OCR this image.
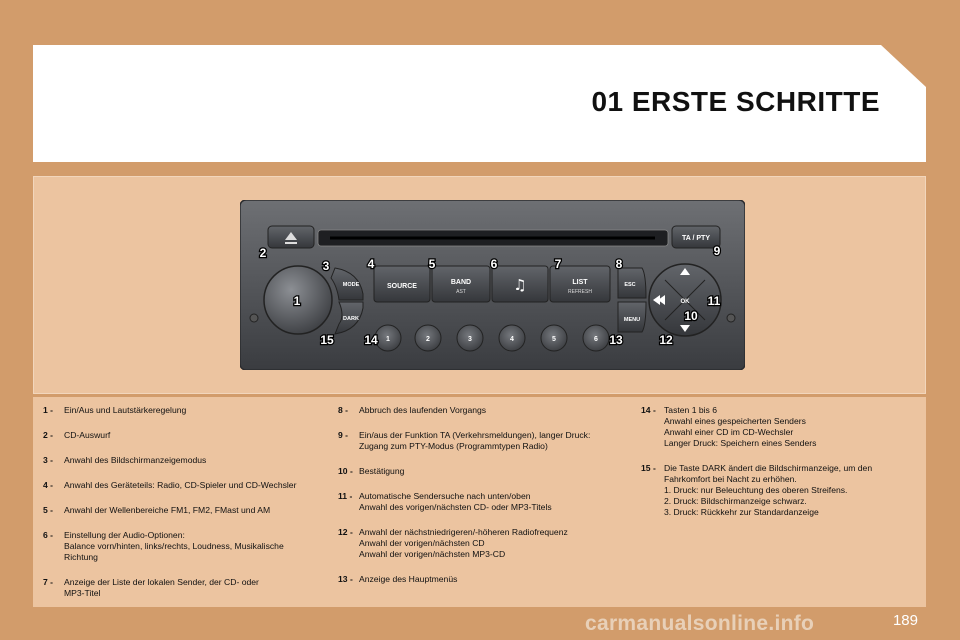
01 ERSTE SCHRITTE
TA / PTY
MODE
DARK
SOURCE
BAND
AST	♫	LIST
REFRESH
ESC
MENU
OK
1	2	3	4	5	6
1
2
3	4	5	6	7	8
9
10
11
12
13
14
15
1 - Ein/Aus und Lautstärkeregelung
2 - CD-Auswurf
3 - Anwahl des Bildschirmanzeigemodus
4 - Anwahl des Geräteteils: Radio, CD-Spieler und CD-Wechsler
5 - Anwahl der Wellenbereiche FM1, FM2, FMast und AM
6 - Einstellung der Audio-Optionen:
Balance vorn/hinten, links/rechts, Loudness, Musikalische
Richtung
7 - Anzeige der Liste der lokalen Sender, der CD- oder
MP3-Titel
8 - Abbruch des laufenden Vorgangs
9 - Ein/aus der Funktion TA (Verkehrsmeldungen), langer Druck:
Zugang zum PTY-Modus (Programmtypen Radio)
10 - Bestätigung
11 - Automatische Sendersuche nach unten/oben
Anwahl des vorigen/nächsten CD- oder MP3-Titels
12 - Anwahl der nächstniedrigeren/-höheren Radiofrequenz
Anwahl der vorigen/nächsten CD
Anwahl der vorigen/nächsten MP3-CD
13 - Anzeige des Hauptmenüs
14 - Tasten 1 bis 6
Anwahl eines gespeicherten Senders
Anwahl einer CD im CD-Wechsler
Langer Druck: Speichern eines Senders
15 - Die Taste DARK ändert die Bildschirmanzeige, um den
Fahrkomfort bei Nacht zu erhöhen.
1. Druck: nur Beleuchtung des oberen Streifens.
2. Druck: Bildschirmanzeige schwarz.
3. Druck: Rückkehr zur Standardanzeige
carmanualsonline.info	189
